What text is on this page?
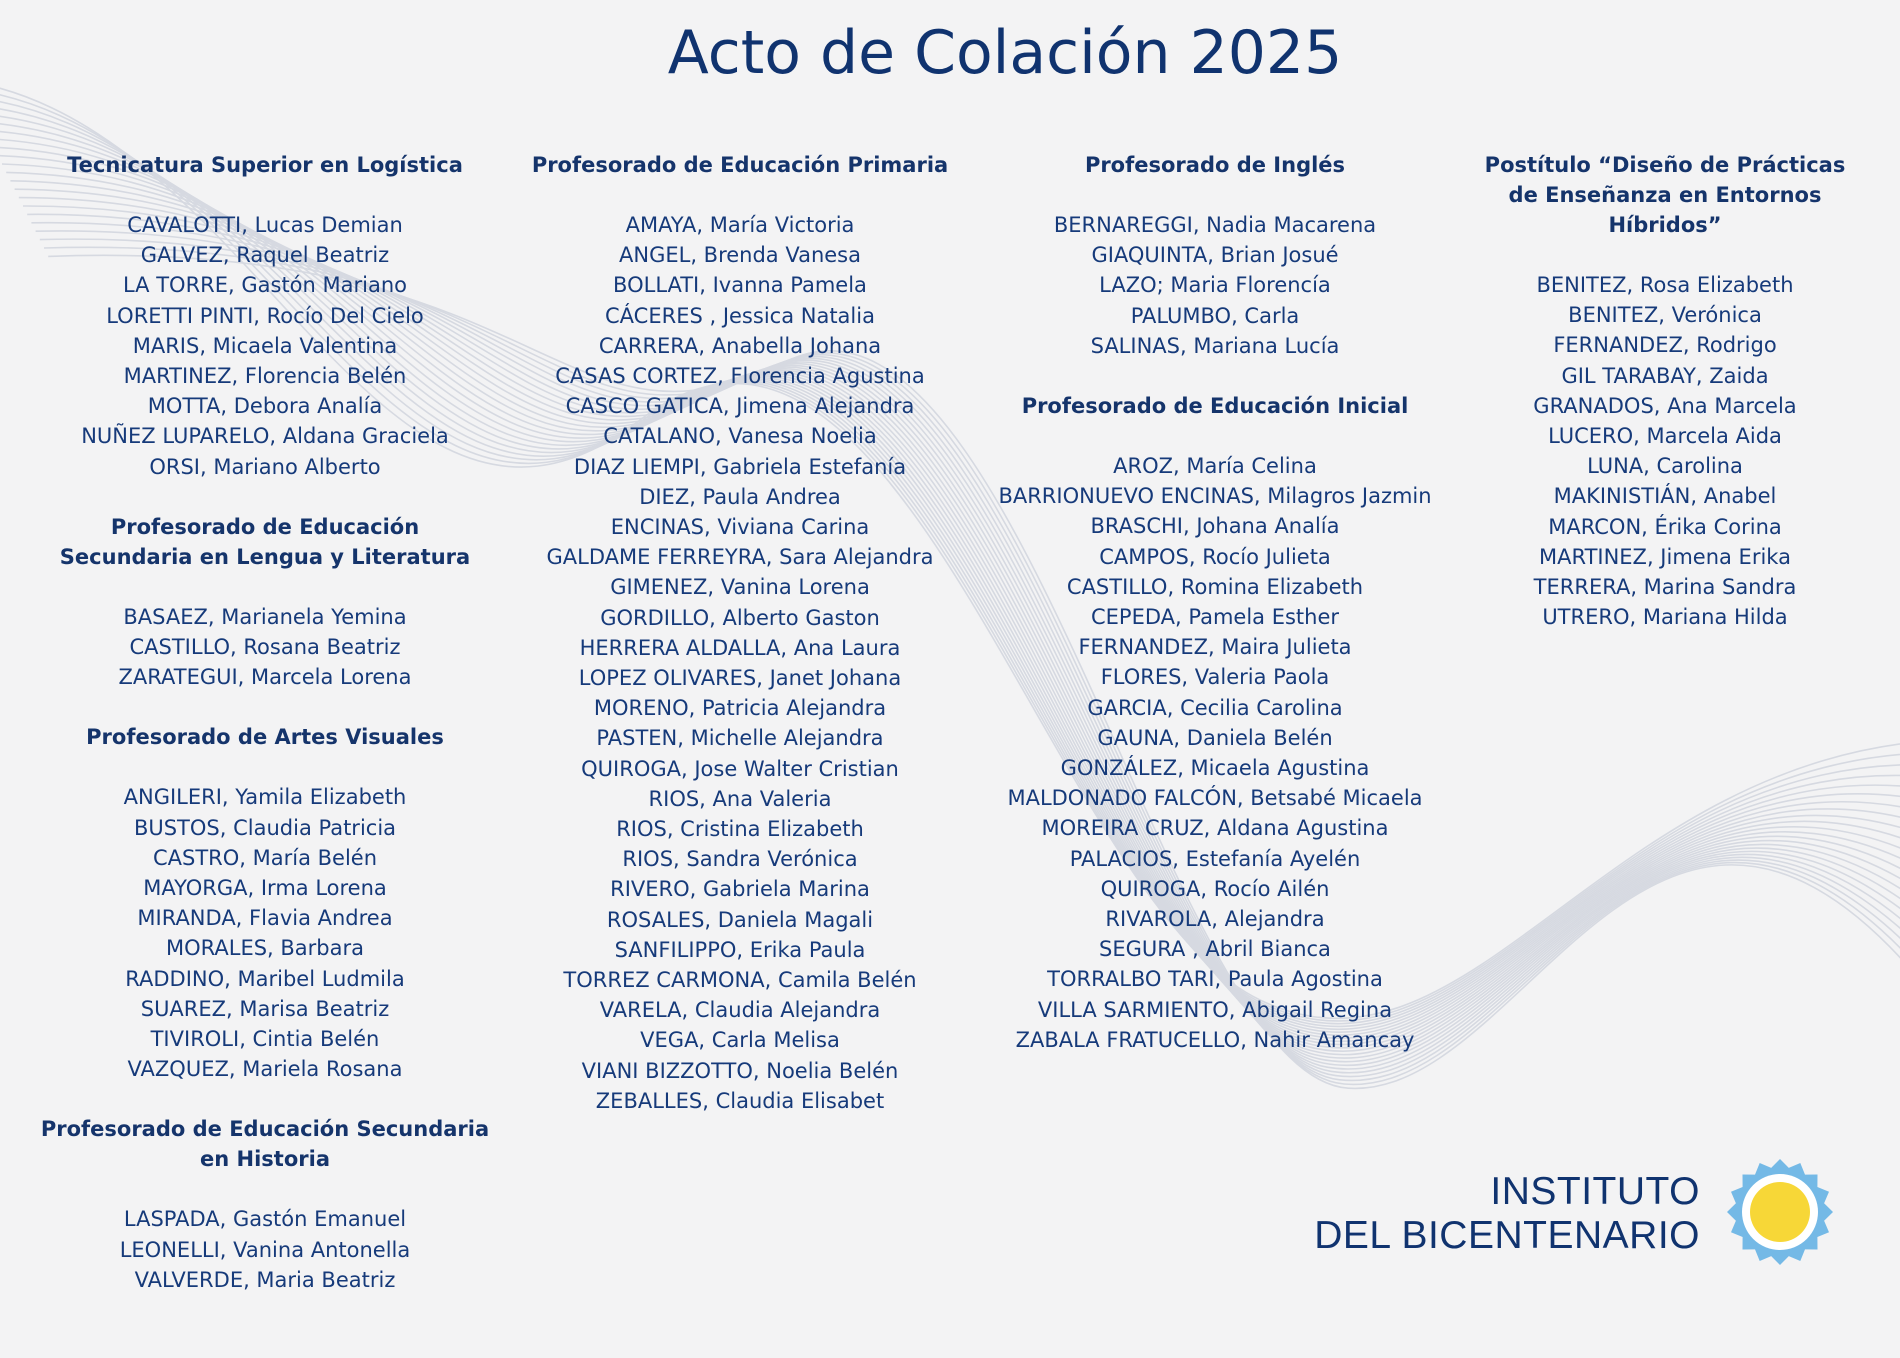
Acto de Colación 2025
Tecnicatura Superior en Logística
CAVALOTTI, Lucas Demian
GALVEZ, Raquel Beatriz
LA TORRE, Gastón Mariano
LORETTI PINTI, Rocío Del Cielo
MARIS, Micaela Valentina
MARTINEZ, Florencia Belén
MOTTA, Debora Analía
NUÑEZ LUPARELO, Aldana Graciela
ORSI, Mariano Alberto
Profesorado de Educación Secundaria en Lengua y Literatura
BASAEZ, Marianela Yemina
CASTILLO, Rosana Beatriz
ZARATEGUI, Marcela Lorena
Profesorado de Artes Visuales
ANGILERI, Yamila Elizabeth
BUSTOS, Claudia Patricia
CASTRO, María Belén
MAYORGA, Irma Lorena
MIRANDA, Flavia Andrea
MORALES, Barbara
RADDINO, Maribel Ludmila
SUAREZ, Marisa Beatriz
TIVIROLI, Cintia Belén
VAZQUEZ, Mariela Rosana
Profesorado de Educación Secundaria en Historia
LASPADA, Gastón Emanuel
LEONELLI, Vanina Antonella
VALVERDE, Maria Beatriz
Profesorado de Educación Primaria
AMAYA, María Victoria
ANGEL, Brenda Vanesa
BOLLATI, Ivanna Pamela
CÁCERES , Jessica Natalia
CARRERA, Anabella Johana
CASAS CORTEZ, Florencia Agustina
CASCO GATICA, Jimena Alejandra
CATALANO, Vanesa Noelia
DIAZ LIEMPI, Gabriela Estefanía
DIEZ, Paula Andrea
ENCINAS, Viviana Carina
GALDAME FERREYRA, Sara Alejandra
GIMENEZ, Vanina Lorena
GORDILLO, Alberto Gaston
HERRERA ALDALLA, Ana Laura
LOPEZ OLIVARES, Janet Johana
MORENO, Patricia Alejandra
PASTEN, Michelle Alejandra
QUIROGA, Jose Walter Cristian
RIOS, Ana Valeria
RIOS, Cristina Elizabeth
RIOS, Sandra Verónica
RIVERO, Gabriela Marina
ROSALES, Daniela Magali
SANFILIPPO, Erika Paula
TORREZ CARMONA, Camila Belén
VARELA, Claudia Alejandra
VEGA, Carla Melisa
VIANI BIZZOTTO, Noelia Belén
ZEBALLES, Claudia Elisabet
Profesorado de Inglés
BERNAREGGI, Nadia Macarena
GIAQUINTA, Brian Josué
LAZO; Maria Florencía
PALUMBO, Carla
SALINAS, Mariana Lucía
Profesorado de Educación Inicial
AROZ, María Celina
BARRIONUEVO ENCINAS, Milagros Jazmin
BRASCHI, Johana Analía
CAMPOS, Rocío Julieta
CASTILLO, Romina Elizabeth
CEPEDA, Pamela Esther
FERNANDEZ, Maira Julieta
FLORES, Valeria Paola
GARCIA, Cecilia Carolina
GAUNA, Daniela Belén
GONZÁLEZ, Micaela Agustina
MALDONADO FALCÓN, Betsabé Micaela
MOREIRA CRUZ, Aldana Agustina
PALACIOS, Estefanía Ayelén
QUIROGA, Rocío Ailén
RIVAROLA, Alejandra
SEGURA , Abril Bianca
TORRALBO TARI, Paula Agostina
VILLA SARMIENTO, Abigail Regina
ZABALA FRATUCELLO, Nahir Amancay
Postítulo “Diseño de Prácticas de Enseñanza en Entornos Híbridos”
BENITEZ, Rosa Elizabeth
BENITEZ, Verónica
FERNANDEZ, Rodrigo
GIL TARABAY, Zaida
GRANADOS, Ana Marcela
LUCERO, Marcela Aida
LUNA, Carolina
MAKINISTIÁN, Anabel
MARCON, Érika Corina
MARTINEZ, Jimena Erika
TERRERA, Marina Sandra
UTRERO, Mariana Hilda
INSTITUTO
DEL BICENTENARIO
